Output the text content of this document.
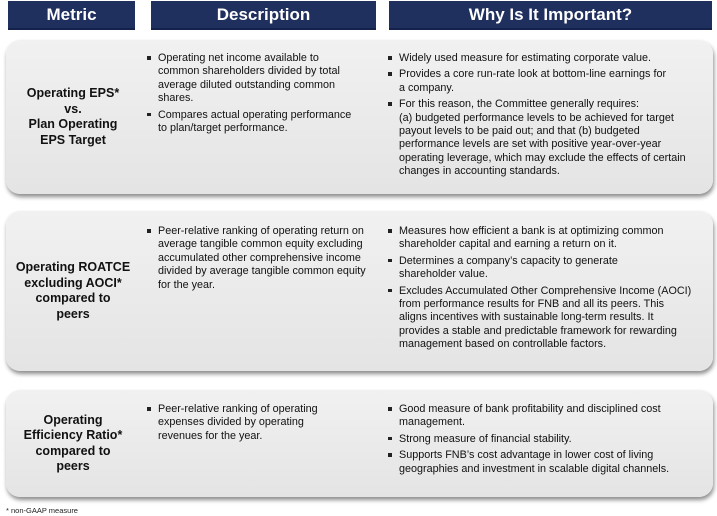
Metric	Description	Why Is It Important?
Operating EPS*
vs.
Plan Operating
EPS Target
Operating net income available to
common shareholders divided by total
average diluted outstanding common
shares.
Compares actual operating performance
to plan/target performance.
Widely used measure for estimating corporate value.
Provides a core run-rate look at bottom-line earnings for
a company.
For this reason, the Committee generally requires:
(a) budgeted performance levels to be achieved for target
payout levels to be paid out; and that (b) budgeted
performance levels are set with positive year-over-year
operating leverage, which may exclude the effects of certain
changes in accounting standards.
Operating ROATCE
excluding AOCI*
compared to
peers
Peer-relative ranking of operating return on
average tangible common equity excluding
accumulated other comprehensive income
divided by average tangible common equity
for the year.
Measures how efficient a bank is at optimizing common
shareholder capital and earning a return on it.
Determines a company’s capacity to generate
shareholder value.
Excludes Accumulated Other Comprehensive Income (AOCI)
from performance results for FNB and all its peers. This
aligns incentives with sustainable long-term results. It
provides a stable and predictable framework for rewarding
management based on controllable factors.
Operating
Efficiency Ratio*
compared to
peers
Peer-relative ranking of operating
expenses divided by operating
revenues for the year.
Good measure of bank profitability and disciplined cost
management.
Strong measure of financial stability.
Supports FNB’s cost advantage in lower cost of living
geographies and investment in scalable digital channels.
* non-GAAP measure
